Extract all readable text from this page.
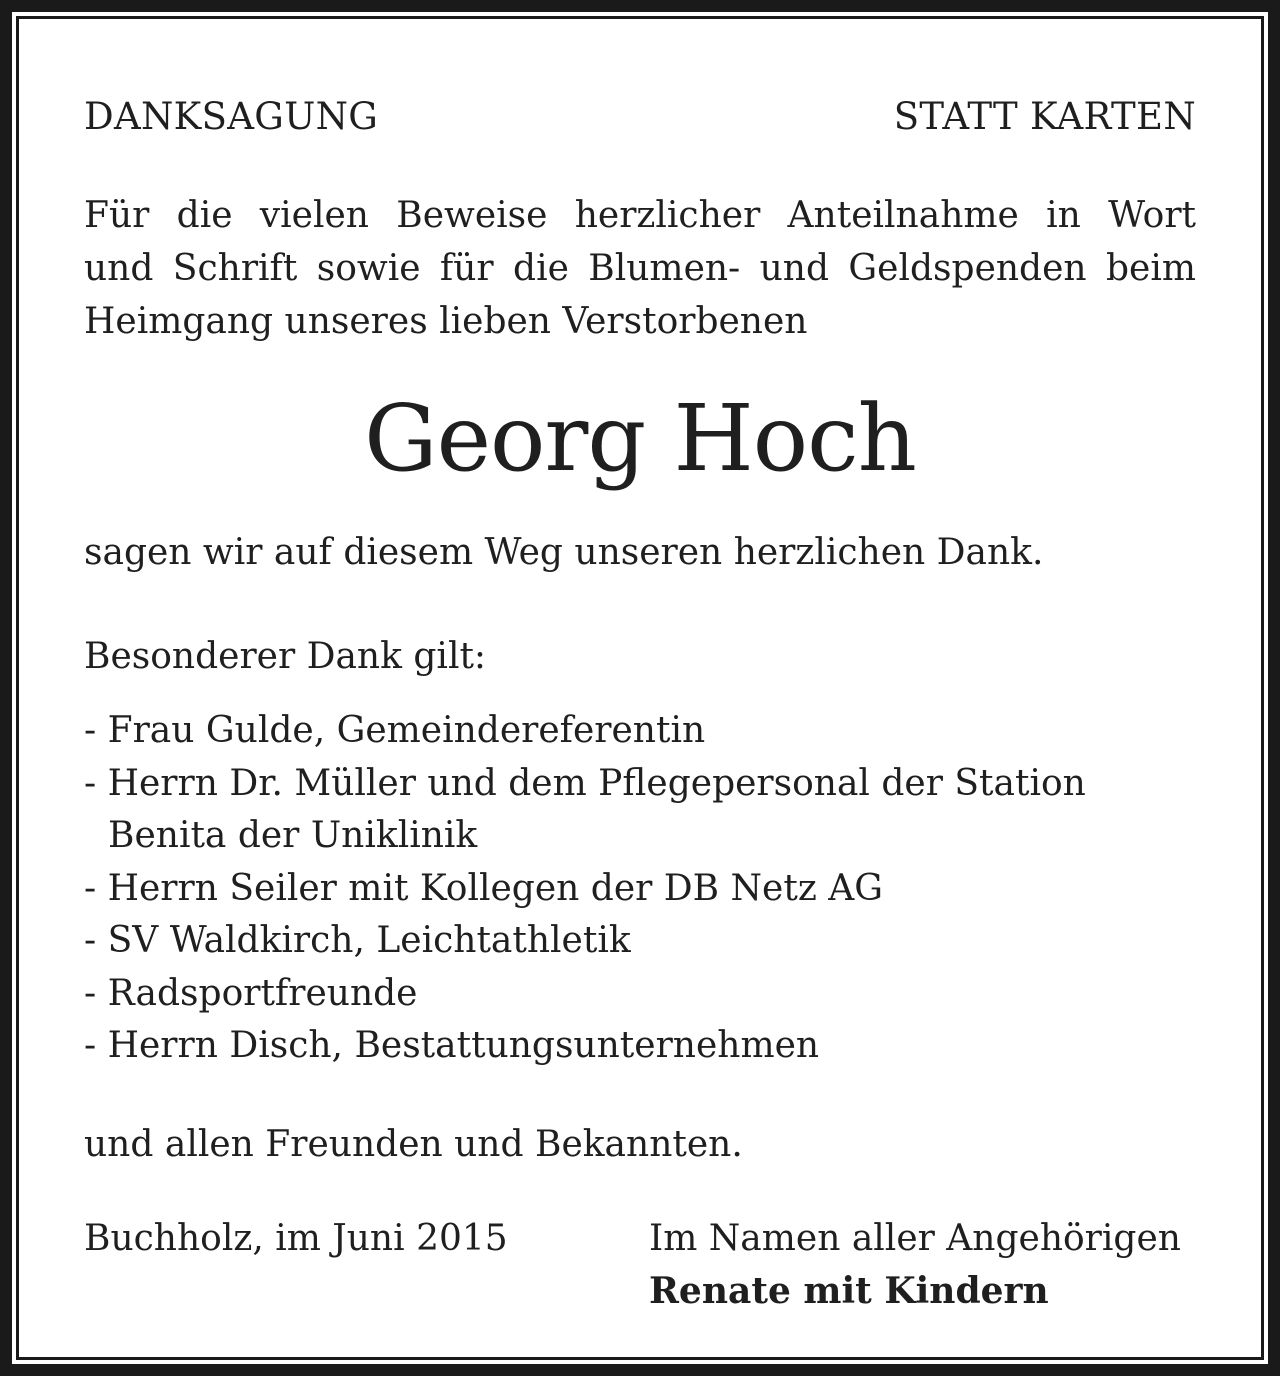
DANKSAGUNG	STATT KARTEN
Für die vielen Beweise herzlicher Anteilnahme in Wort
und Schrift sowie für die Blumen- und Geldspenden beim
Heimgang unseres lieben Verstorbenen
Georg Hoch
sagen wir auf diesem Weg unseren herzlichen Dank.
Besonderer Dank gilt:
- Frau Gulde, Gemeindereferentin
- Herrn Dr. Müller und dem Pflegepersonal der Station Benita der Uniklinik
- Herrn Seiler mit Kollegen der DB Netz AG
- SV Waldkirch, Leichtathletik
- Radsportfreunde
- Herrn Disch, Bestattungsunternehmen
und allen Freunden und Bekannten.
Buchholz, im Juni 2015	Im Namen aller Angehörigen
Renate mit Kindern
